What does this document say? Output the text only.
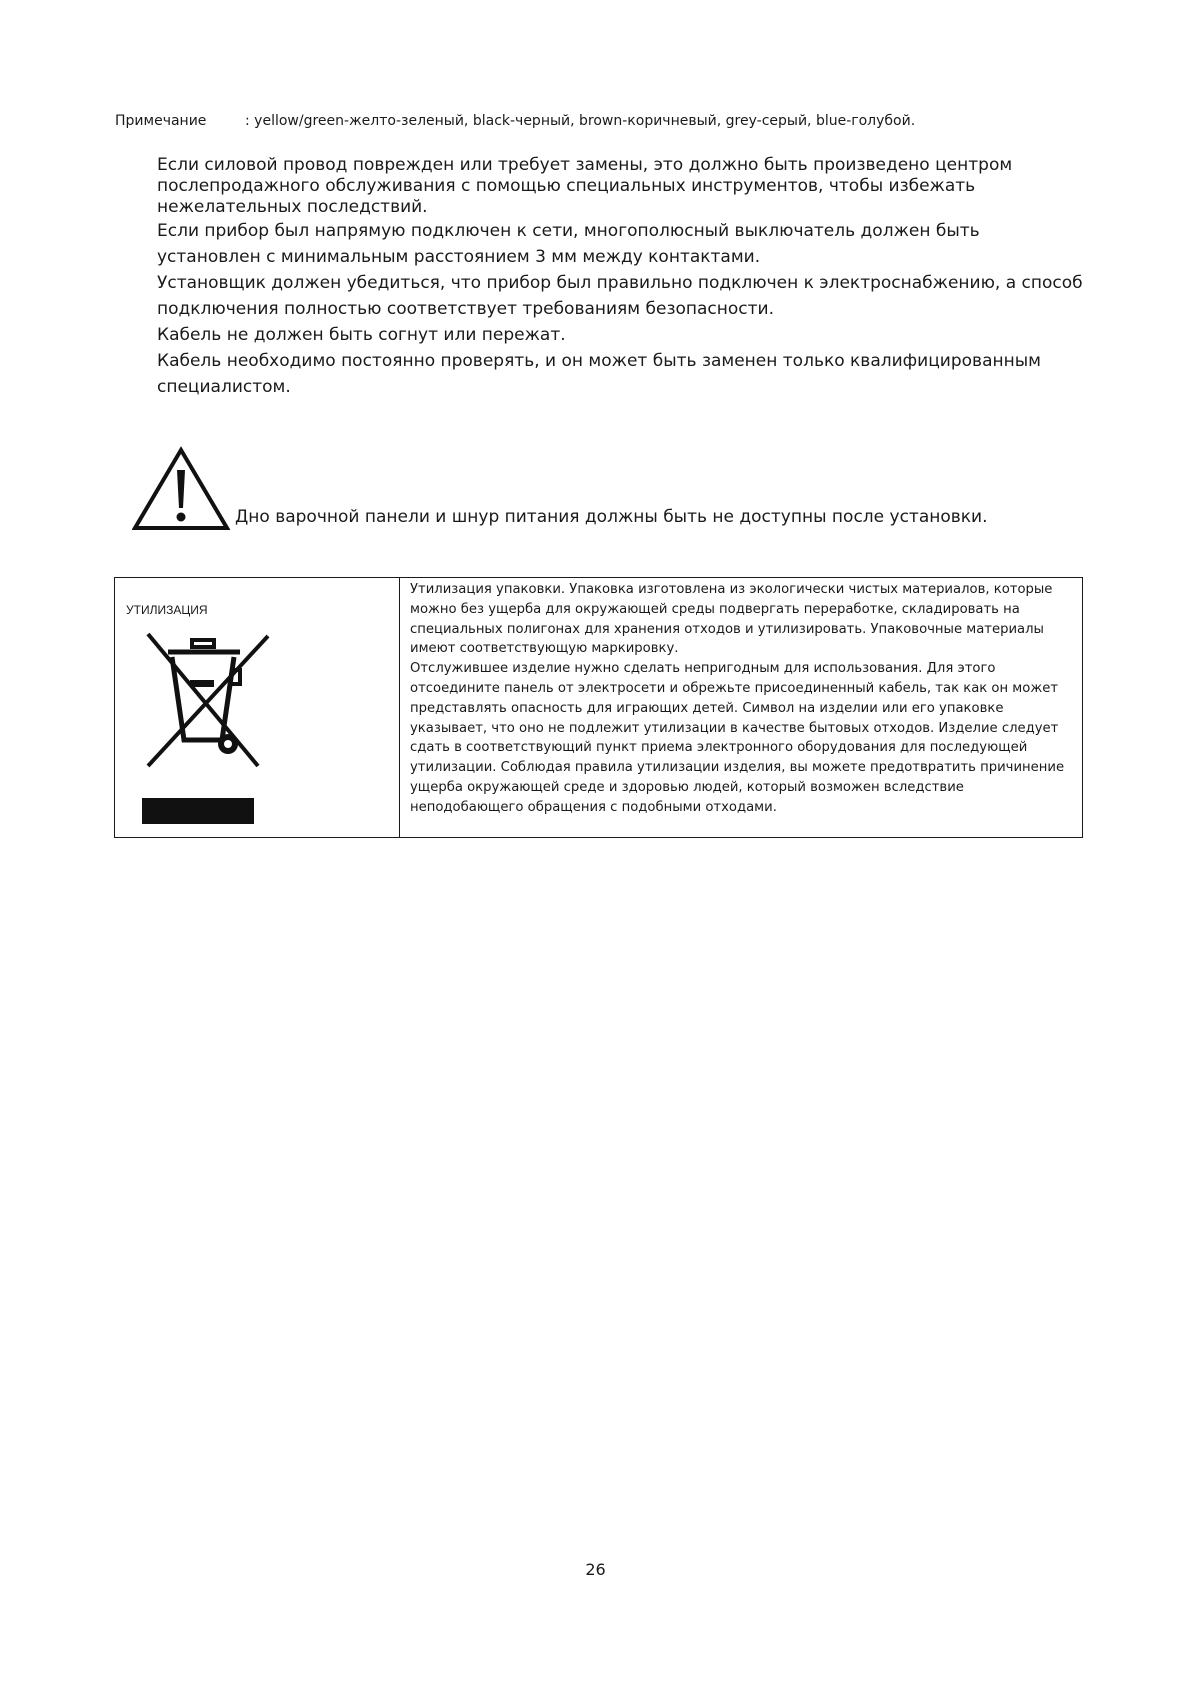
Примечание	: yellow/green-желто-зеленый, black-черный, brown-коричневый, grey-серый, blue-голубой.

Если силовой провод поврежден или требует замены, это должно быть произведено центром послепродажного обслуживания с помощью специальных инструментов, чтобы избежать нежелательных последствий.

Если прибор был напрямую подключен к сети, многополюсный выключатель должен быть установлен с минимальным расстоянием 3 мм между контактами.

Установщик должен убедиться, что прибор был правильно подключен к электроснабжению, а способ подключения полностью соответствует требованиям безопасности.

Кабель не должен быть согнут или пережат.

Кабель необходимо постоянно проверять, и он может быть заменен только квалифицированным специалистом.

Дно варочной панели и шнур питания должны быть не доступны после установки.
УТИЛИЗАЦИЯ

Утилизация упаковки. Упаковка изготовлена из экологически чистых материалов, которые можно без ущерба для окружающей среды подвергать переработке, складировать на специальных полигонах для хранения отходов и утилизировать. Упаковочные материалы имеют соответствующую маркировку.

Отслужившее изделие нужно сделать непригодным для использования. Для этого отсоедините панель от электросети и обрежьте присоединенный кабель, так как он может представлять опасность для играющих детей. Символ на изделии или его упаковке указывает, что оно не подлежит утилизации в качестве бытовых отходов. Изделие следует сдать в соответствующий пункт приема электронного оборудования для последующей утилизации. Соблюдая правила утилизации изделия, вы можете предотвратить причинение ущерба окружающей среде и здоровью людей, который возможен вследствие неподобающего обращения с подобными отходами.

26
